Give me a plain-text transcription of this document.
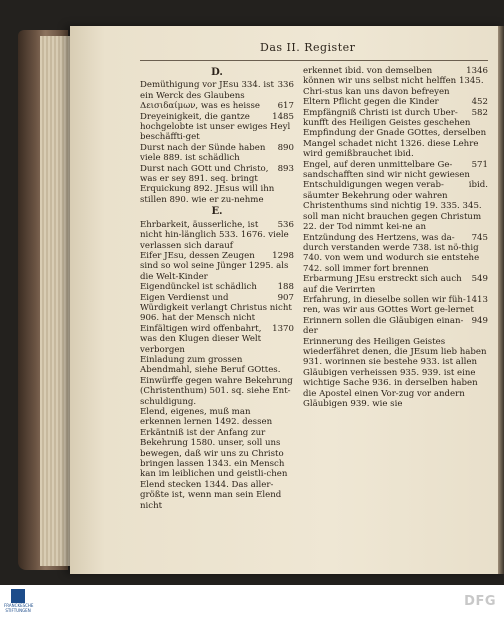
Das II. Register
D.
336
Demüthigung vor JEsu 334. ist ein Werck des Glaubens
617
Δεισιδαίμων, was es heisse
1485
Dreyeinigkeit, die gantze hochgelobte ist unser ewiges Heyl beschäffti-get
890
Durst nach der Sünde haben viele 889. ist schädlich
893
Durst nach GOtt und Christo, was er sey 891. seq. bringt Erquickung 892. JEsus will ihn stillen 890. wie er zu-nehme
E.
536
Ehrbarkeit, äusserliche, ist nicht hin-länglich 533. 1676. viele verlassen sich darauf
1298
Eifer JEsu, dessen Zeugen sind so wol seine Jünger 1295. als die Welt-Kinder
188
Eigendünckel ist schädlich
907
Eigen Verdienst und Würdigkeit verlangt Christus nicht 906. hat der Mensch nicht
1370
Einfältigen wird offenbahrt, was den Klugen dieser Welt verborgen
Einladung zum grossen Abendmahl, siehe Beruf GOttes.
Einwürffe gegen wahre Bekehrung (Christenthum) 501. sq. siehe Ent-schuldigung.
Elend, eigenes, muß man erkennen lernen 1492. dessen Erkäntniß ist der Anfang zur Bekehrung 1580. unser, soll uns bewegen, daß wir uns zu Christo bringen lassen 1343. ein Mensch kan im leiblichen und geistli-chen Elend stecken 1344. Das aller-größte ist, wenn man sein Elend nicht
1346
erkennet ibid. von demselben können wir uns selbst nicht helffen 1345. Chri-stus kan uns davon befreyen
452
Eltern Pflicht gegen die Kinder
582
Empfängniß Christi ist durch Uber-kunfft des Heiligen Geistes geschehen
Empfindung der Gnade GOttes, derselben Mangel schadet nicht 1326. diese Lehre wird gemißbrauchet ibid.
571
Engel, auf deren unmittelbare Ge-sandschafften sind wir nicht gewiesen
ibid.
Entschuldigungen wegen verab-säumter Bekehrung oder wahren Christenthums sind nichtig 19. 335. 345. soll man nicht brauchen gegen Christum 22. der Tod nimmt kei-ne an
745
Entzündung des Hertzens, was da-durch verstanden werde 738. ist nö-thig 740. von wem und wodurch sie entstehe 742. soll immer fort brennen
549
Erbarmung JEsu erstreckt sich auch auf die Verirrten
1413
Erfahrung, in dieselbe sollen wir füh-ren, was wir aus GOttes Wort ge-lernet
949
Erinnern sollen die Gläubigen einan-der
Erinnerung des Heiligen Geistes wiederfähret denen, die JEsum lieb haben 931. worinnen sie bestehe 933. ist allen Gläubigen verheissen 935. 939. ist eine wichtige Sache 936. in derselben haben die Apostel einen Vor-zug vor andern Gläubigen 939. wie sie
FRANCKESCHE STIFTUNGEN
DFG
